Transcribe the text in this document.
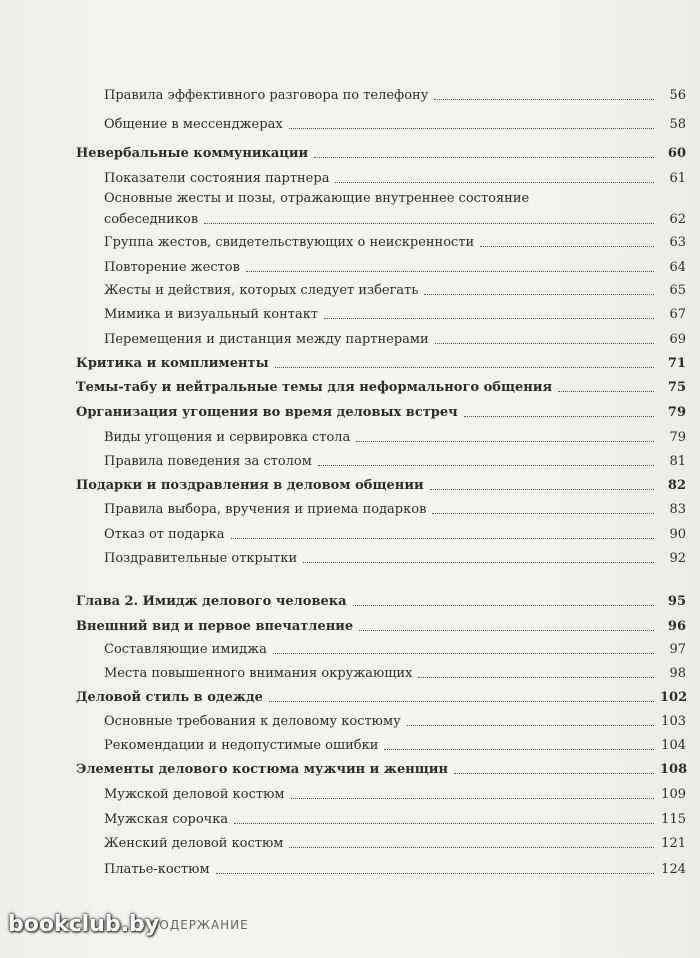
Правила эффективного разговора по телефону	56
Общение в мессенджерах	58
Невербальные коммуникации	60
Показатели состояния партнера	61
Основные жесты и позы, отражающие внутреннее состояние
собеседников	62
Группа жестов, свидетельствующих о неискренности	63
Повторение жестов	64
Жесты и действия, которых следует избегать	65
Мимика и визуальный контакт	67
Перемещения и дистанция между партнерами	69
Критика и комплименты	71
Темы-табу и нейтральные темы для неформального общения	75
Организация угощения во время деловых встреч	79
Виды угощения и сервировка стола	79
Правила поведения за столом	81
Подарки и поздравления в деловом общении	82
Правила выбора, вручения и приема подарков	83
Отказ от подарка	90
Поздравительные открытки	92
Глава 2. Имидж делового человека	95
Внешний вид и первое впечатление	96
Составляющие имиджа	97
Места повышенного внимания окружающих	98
Деловой стиль в одежде	102
Основные требования к деловому костюму	103
Рекомендации и недопустимые ошибки	104
Элементы делового костюма мужчин и женщин	108
Мужской деловой костюм	109
Мужская сорочка	115
Женский деловой костюм	121
Платье-костюм	124
СОДЕРЖАНИЕ
bookclub.by
